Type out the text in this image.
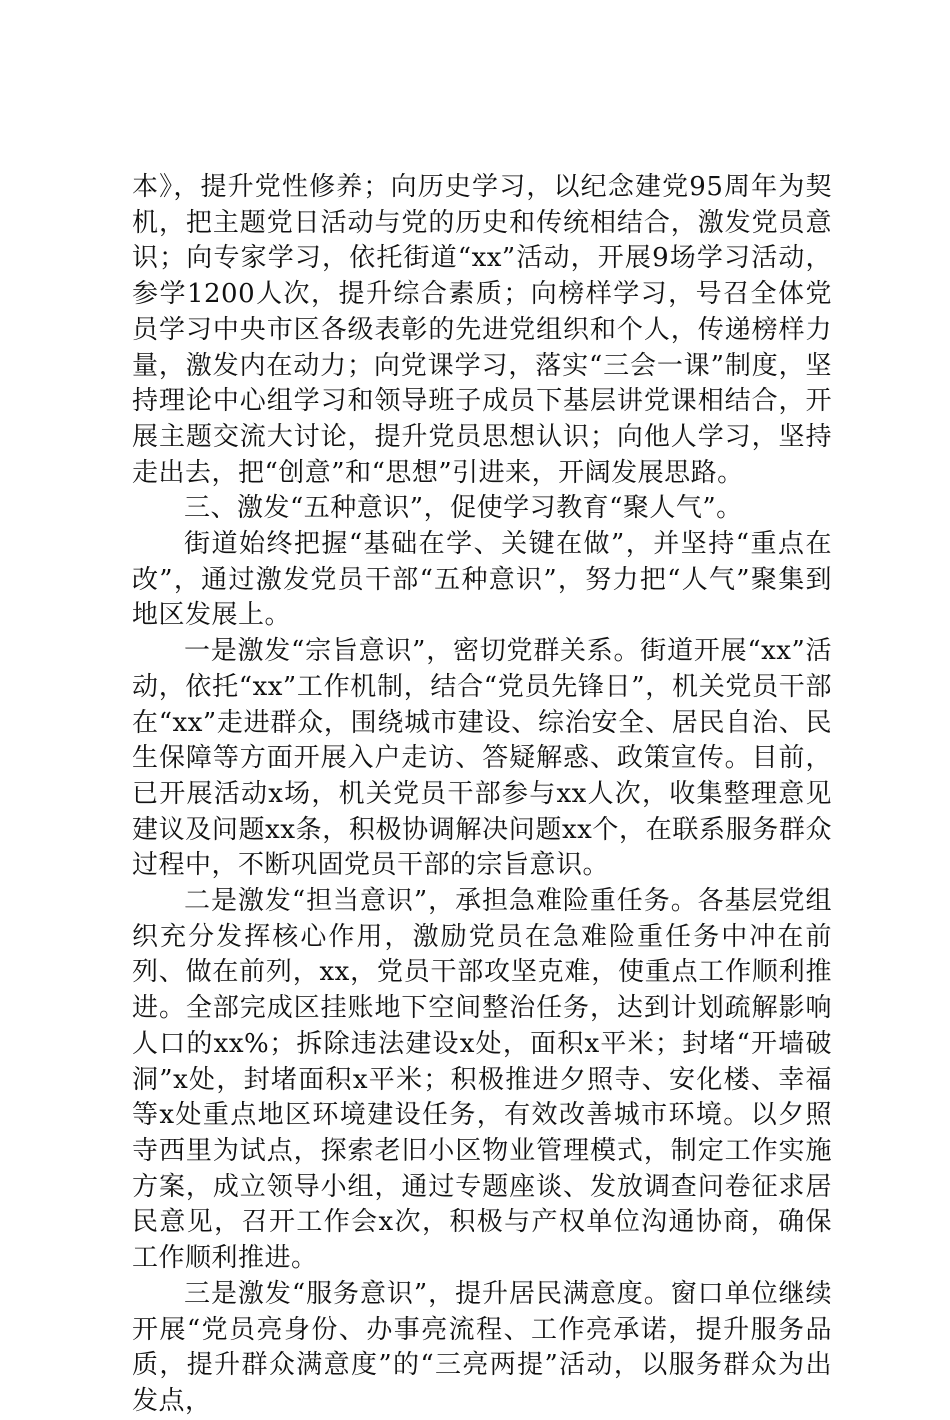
本》，提升党性修养；向历史学习，以纪念建党95周年为契机，把主题党日活动与党的历史和传统相结合，激发党员意识；向专家学习，依托街道“xx”活动，开展9场学习活动，参学1200人次，提升综合素质；向榜样学习，号召全体党员学习中央市区各级表彰的先进党组织和个人，传递榜样力量，激发内在动力；向党课学习，落实“三会一课”制度，坚持理论中心组学习和领导班子成员下基层讲党课相结合，开展主题交流大讨论，提升党员思想认识；向他人学习，坚持走出去，把“创意”和“思想”引进来，开阔发展思路。

三、激发“五种意识”，促使学习教育“聚人气”。

街道始终把握“基础在学、关键在做”，并坚持“重点在改”，通过激发党员干部“五种意识”，努力把“人气”聚集到地区发展上。

一是激发“宗旨意识”，密切党群关系。街道开展“xx”活动，依托“xx”工作机制，结合“党员先锋日”，机关党员干部在“xx”走进群众，围绕城市建设、综治安全、居民自治、民生保障等方面开展入户走访、答疑解惑、政策宣传。目前，已开展活动x场，机关党员干部参与xx人次，收集整理意见建议及问题xx条，积极协调解决问题xx个，在联系服务群众过程中，不断巩固党员干部的宗旨意识。

二是激发“担当意识”，承担急难险重任务。各基层党组织充分发挥核心作用，激励党员在急难险重任务中冲在前列、做在前列，xx，党员干部攻坚克难，使重点工作顺利推进。全部完成区挂账地下空间整治任务，达到计划疏解影响人口的xx%；拆除违法建设x处，面积x平米；封堵“开墙破洞”x处，封堵面积x平米；积极推进夕照寺、安化楼、幸福等x处重点地区环境建设任务，有效改善城市环境。以夕照寺西里为试点，探索老旧小区物业管理模式，制定工作实施方案，成立领导小组，通过专题座谈、发放调查问卷征求居民意见，召开工作会x次，积极与产权单位沟通协商，确保工作顺利推进。

三是激发“服务意识”，提升居民满意度。窗口单位继续开展“党员亮身份、办事亮流程、工作亮承诺，提升服务品质，提升群众满意度”的“三亮两提”活动，以服务群众为出发点，
